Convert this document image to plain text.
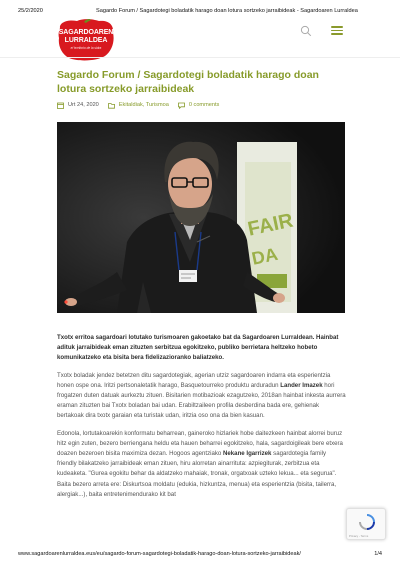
25/2/2020	Sagardo Forum / Sagardotegi boladatik harago doan lotura sortzeko jarraibideak - Sagardoaren Lurraldea
SAGARDOAREN
LURRALDEA
el territorio de la sidra
Sagardo Forum / Sagardotegi boladatik harago doan lotura sortzeko jarraibideak
Urt 24, 2020	Ekitaldiak, Turismoa	0 comments
FAIR
DA

Txotx erritoa sagardoari lotutako turismoaren gakoetako bat da Sagardoaren Lurraldean. Hainbat adituk jarraibideak eman zituzten serbitzua egokitzeko, publiko berrietara heltzeko hobeto komunikatzeko eta bisita bera fidelizazioranko baliatzeko.

Txotx boladak jendez betetzen ditu sagardotegiak, agerian utziz sagardoaren indarra eta esperientzia honen ospe ona. Iritzi pertsonaletatik harago, Basquetourreko produktu arduradun Lander Imazek hori frogatzen duten datuak aurkeztu zituen. Bisitarien motibazioak ezagutzeko, 2018an hainbat inkesta aurrera eraman zituzten bai Txotx boladan bai udan. Erabiltzaileen profila desberdina bada ere, gehienak bertakoak dira txotx garaian eta turistak udan, iritzia oso ona da bien kasuan.

Edonola, lortutakoarekin konformatu beharrean, gaineroko hizlariek hobe daitezkeen hainbat alorrei buruz hitz egin zuten, bezero berriengana heldu eta hauen beharrei egokitzeko, hala, sagardoigileak bere etxera doazen bezeroen bisita maximiza dezan. Hogoos agentziako Nekane Igarrizek sagardotegia family friendly bilakatzeko jarraibideak eman zituen, hiru alorretan ainarrituta: azpiegiturak, zerbitzua eta kudeaketa. "Gurea egokitu behar da aldatzeko mahaiak, tronak, orgatxoak uzteko lekua... eta segurua". Baita bezero arreta ere: Diskurtsoa moldatu (edukia, hizkuntza, menua) eta esperientzia (bisita, tailerra, alergiak...), baita entretenimendurako kit bat

Privacy - Terms
www.sagardoarenlurraldea.eus/eu/sagardo-forum-sagardotegi-boladatik-harago-doan-lotura-sortzeko-jarraibideak/	1/4
